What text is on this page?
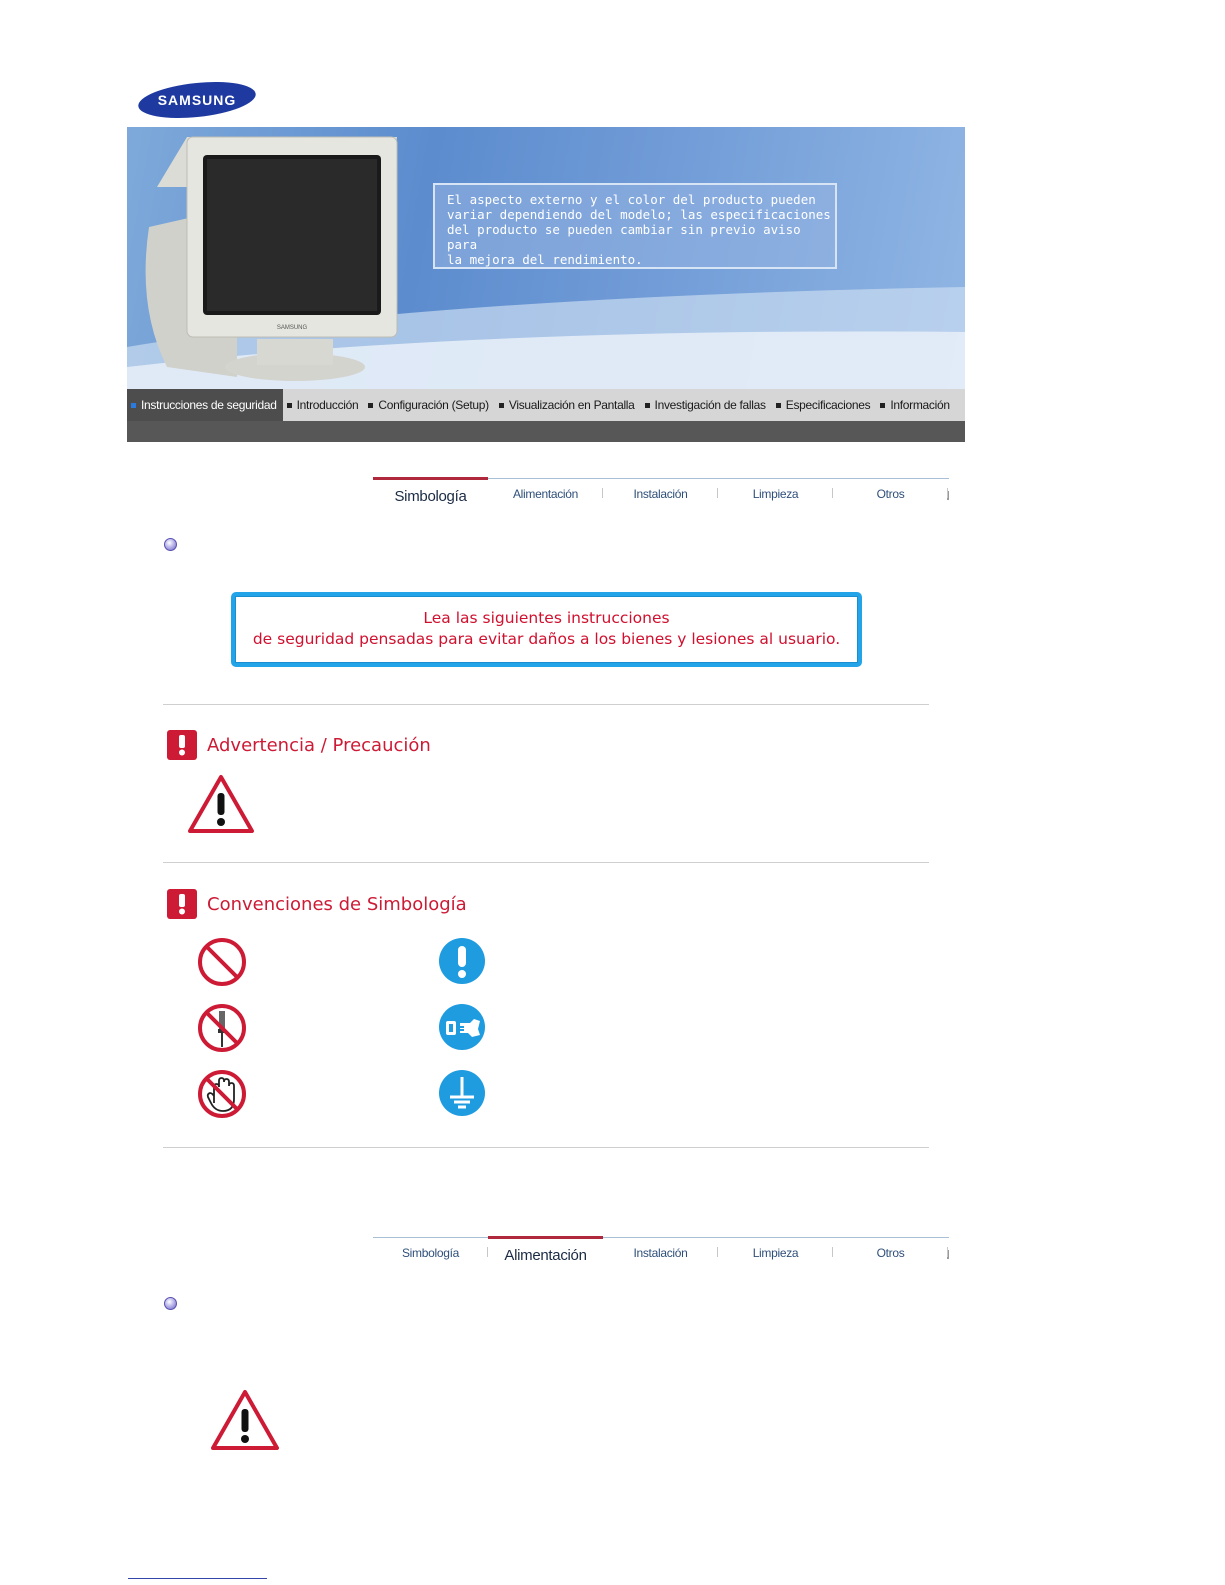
SAMSUNG
SAMSUNG
El aspecto externo y el color del producto pueden
variar dependiendo del modelo; las especificaciones
del producto se pueden cambiar sin previo aviso para
la mejora del rendimiento.
Instrucciones de seguridad Introducción Configuración (Setup) Visualización en Pantalla Investigación de fallas Especificaciones Información
Simbología	Alimentación	Instalación	Limpieza	Otros
Lea las siguientes instrucciones
de seguridad pensadas para evitar daños a los bienes y lesiones al usuario.
Advertencia / Precaución
Convenciones de Simbología
Simbología	Alimentación	Instalación	Limpieza	Otros
